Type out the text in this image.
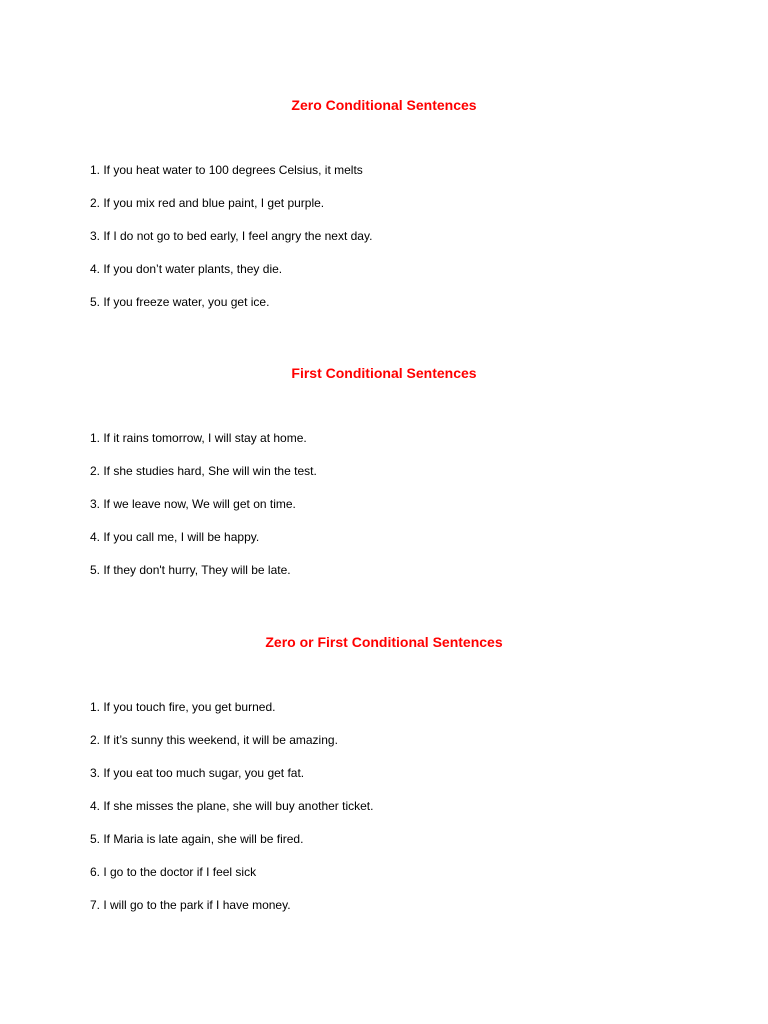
Zero Conditional Sentences
1. If you heat water to 100 degrees Celsius, it melts
2. If you mix red and blue paint, I get purple.
3. If I do not go to bed early, I feel angry the next day.
4. If you don’t water plants, they die.
5. If you freeze water, you get ice.
First Conditional Sentences
1. If it rains tomorrow, I will stay at home.
2. If she studies hard, She will win the test.
3. If we leave now, We will get on time.
4. If you call me, I will be happy.
5. If they don't hurry, They will be late.
Zero or First Conditional Sentences
1. If you touch fire, you get burned.
2. If it’s sunny this weekend, it will be amazing.
3. If you eat too much sugar, you get fat.
4. If she misses the plane, she will buy another ticket.
5. If Maria is late again, she will be fired.
6. I go to the doctor if I feel sick
7. I will go to the park if I have money.
